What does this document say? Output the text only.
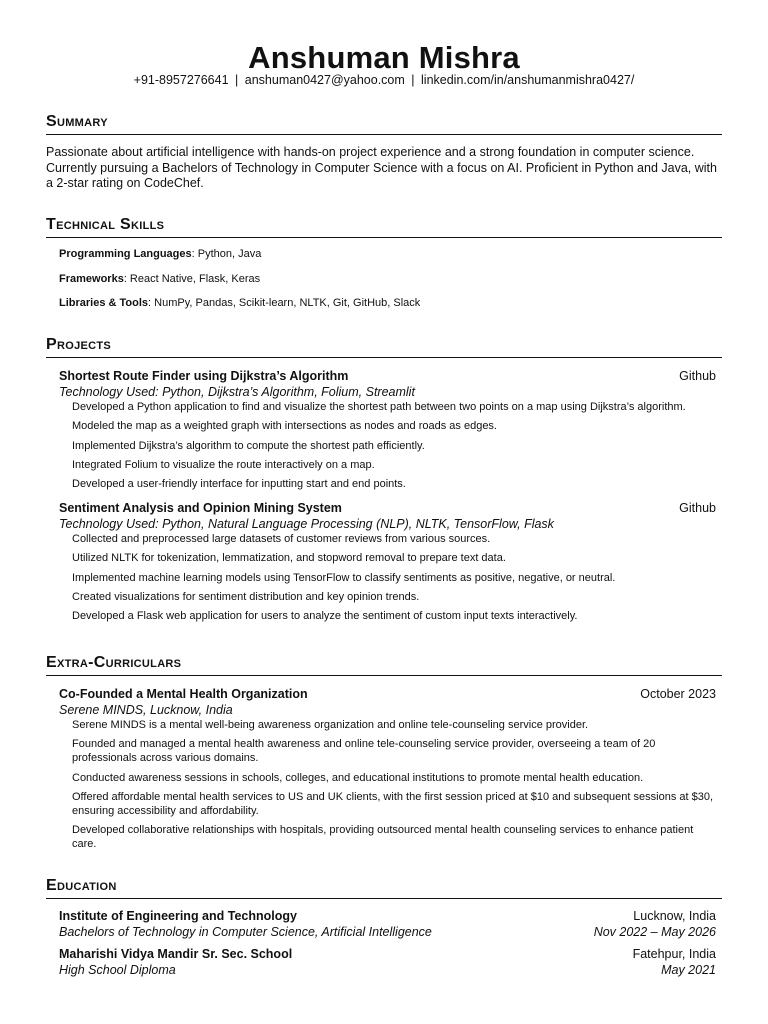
Anshuman Mishra
+91-8957276641 | anshuman0427@yahoo.com | linkedin.com/in/anshumanmishra0427/
Summary
Passionate about artificial intelligence with hands-on project experience and a strong foundation in computer science. Currently pursuing a Bachelors of Technology in Computer Science with a focus on AI. Proficient in Python and Java, with a 2-star rating on CodeChef.
Technical Skills
Programming Languages: Python, Java
Frameworks: React Native, Flask, Keras
Libraries & Tools: NumPy, Pandas, Scikit-learn, NLTK, Git, GitHub, Slack
Projects
Shortest Route Finder using Dijkstra’s Algorithm	Github
Technology Used: Python, Dijkstra’s Algorithm, Folium, Streamlit
Developed a Python application to find and visualize the shortest path between two points on a map using Dijkstra’s algorithm.
Modeled the map as a weighted graph with intersections as nodes and roads as edges.
Implemented Dijkstra’s algorithm to compute the shortest path efficiently.
Integrated Folium to visualize the route interactively on a map.
Developed a user-friendly interface for inputting start and end points.
Sentiment Analysis and Opinion Mining System	Github
Technology Used: Python, Natural Language Processing (NLP), NLTK, TensorFlow, Flask
Collected and preprocessed large datasets of customer reviews from various sources.
Utilized NLTK for tokenization, lemmatization, and stopword removal to prepare text data.
Implemented machine learning models using TensorFlow to classify sentiments as positive, negative, or neutral.
Created visualizations for sentiment distribution and key opinion trends.
Developed a Flask web application for users to analyze the sentiment of custom input texts interactively.
Extra-Curriculars
Co-Founded a Mental Health Organization	October 2023
Serene MINDS, Lucknow, India
Serene MINDS is a mental well-being awareness organization and online tele-counseling service provider.
Founded and managed a mental health awareness and online tele-counseling service provider, overseeing a team of 20 professionals across various domains.
Conducted awareness sessions in schools, colleges, and educational institutions to promote mental health education.
Offered affordable mental health services to US and UK clients, with the first session priced at $10 and subsequent sessions at $30, ensuring accessibility and affordability.
Developed collaborative relationships with hospitals, providing outsourced mental health counseling services to enhance patient care.
Education
Institute of Engineering and Technology	Lucknow, India
Bachelors of Technology in Computer Science, Artificial Intelligence	Nov 2022 – May 2026
Maharishi Vidya Mandir Sr. Sec. School	Fatehpur, India
High School Diploma	May 2021
